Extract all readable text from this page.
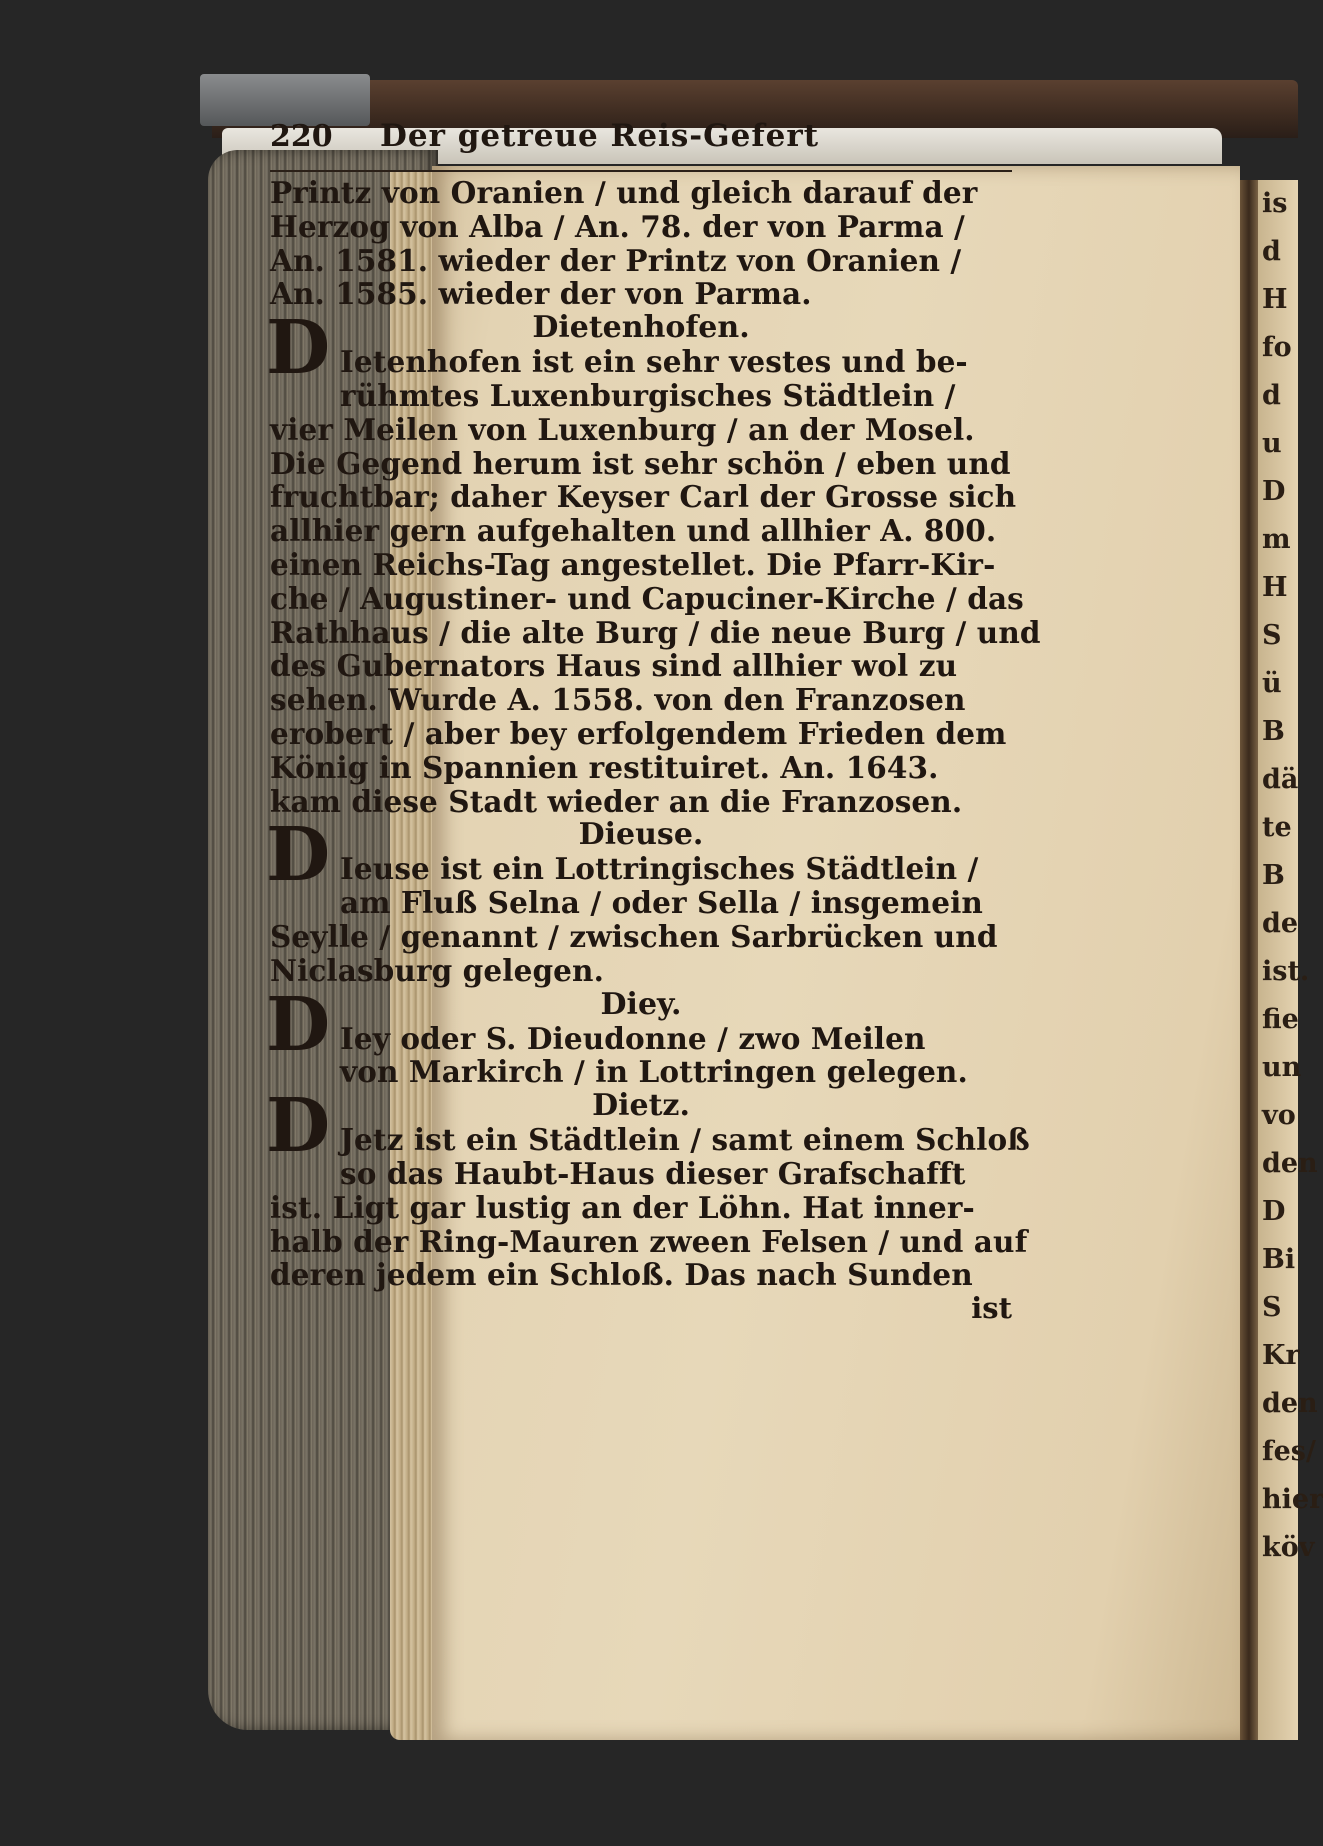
is
d
H
fo
d
u
D
m
H
S
ü
B
dä
te
B
de
ist.
fie
un
vo
den
D
Bi
S
Kr
den
fes/
hier
köv
220	Der getreue Reis-Gefert
Printz von Oranien / und gleich darauf der
Herzog von Alba / An. 78. der von Parma /
An. 1581. wieder der Printz von Oranien /
An. 1585. wieder der von Parma.
Dietenhofen.
D Ietenhofen ist ein sehr vestes und be-
rühmtes Luxenburgisches Städtlein /
vier Meilen von Luxenburg / an der Mosel.
Die Gegend herum ist sehr schön / eben und
fruchtbar; daher Keyser Carl der Grosse sich
allhier gern aufgehalten und allhier A. 800.
einen Reichs-Tag angestellet. Die Pfarr-Kir-
che / Augustiner- und Capuciner-Kirche / das
Rathhaus / die alte Burg / die neue Burg / und
des Gubernators Haus sind allhier wol zu
sehen. Wurde A. 1558. von den Franzosen
erobert / aber bey erfolgendem Frieden dem
König in Spannien restituiret. An. 1643.
kam diese Stadt wieder an die Franzosen.
Dieuse.
D Ieuse ist ein Lottringisches Städtlein /
am Fluß Selna / oder Sella / insgemein
Seylle / genannt / zwischen Sarbrücken und
Niclasburg gelegen.
Diey.
D Iey oder S. Dieudonne / zwo Meilen
von Markirch / in Lottringen gelegen.
Dietz.
D Jetz ist ein Städtlein / samt einem Schloß
so das Haubt-Haus dieser Grafschafft
ist. Ligt gar lustig an der Löhn. Hat inner-
halb der Ring-Mauren zween Felsen / und auf
deren jedem ein Schloß. Das nach Sunden
ist
